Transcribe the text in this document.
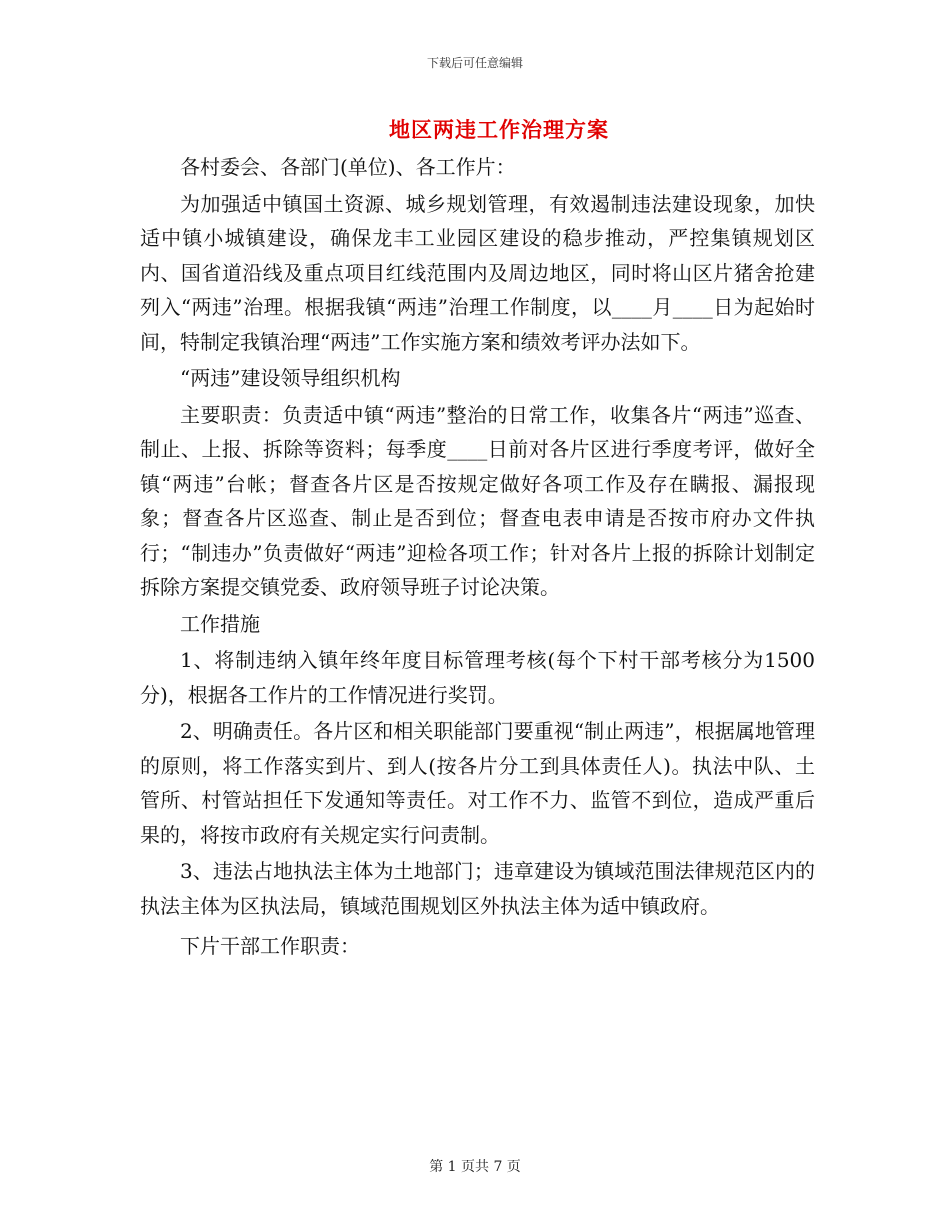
下载后可任意编辑
地区两违工作治理方案

各村委会、各部门(单位)、各工作片：

为加强适中镇国土资源、城乡规划管理，有效遏制违法建设现象，加快适中镇小城镇建设，确保龙丰工业园区建设的稳步推动，严控集镇规划区内、国省道沿线及重点项目红线范围内及周边地区，同时将山区片猪舍抢建列入“两违”治理。根据我镇“两违”治理工作制度，以____月____日为起始时间，特制定我镇治理“两违”工作实施方案和绩效考评办法如下。

“两违”建设领导组织机构

主要职责：负责适中镇“两违”整治的日常工作，收集各片“两违”巡查、制止、上报、拆除等资料；每季度____日前对各片区进行季度考评，做好全镇“两违”台帐；督查各片区是否按规定做好各项工作及存在瞒报、漏报现象；督查各片区巡查、制止是否到位；督查电表申请是否按市府办文件执行；“制违办”负责做好“两违”迎检各项工作；针对各片上报的拆除计划制定拆除方案提交镇党委、政府领导班子讨论决策。

工作措施

1、将制违纳入镇年终年度目标管理考核(每个下村干部考核分为1500分)，根据各工作片的工作情况进行奖罚。

2、明确责任。各片区和相关职能部门要重视“制止两违”，根据属地管理的原则，将工作落实到片、到人(按各片分工到具体责任人)。执法中队、土管所、村管站担任下发通知等责任。对工作不力、监管不到位，造成严重后果的，将按市政府有关规定实行问责制。

3、违法占地执法主体为土地部门；违章建设为镇域范围法律规范区内的执法主体为区执法局，镇域范围规划区外执法主体为适中镇政府。

下片干部工作职责：

第 1 页共 7 页
